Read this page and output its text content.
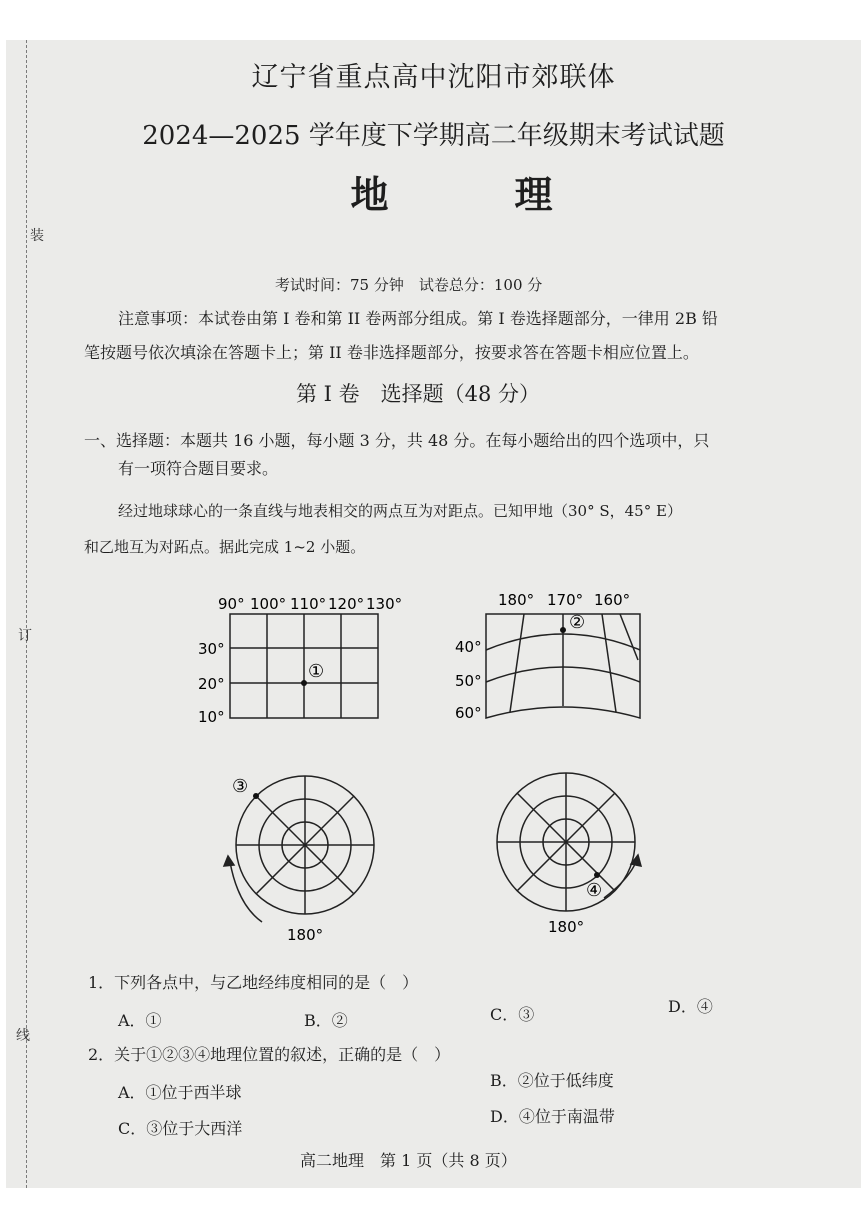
装
订
线
辽宁省重点高中沈阳市郊联体
2024—2025 学年度下学期高二年级期末考试试题
地　理
考试时间：75 分钟　试卷总分：100 分
注意事项：本试卷由第 I 卷和第 II 卷两部分组成。第 I 卷选择题部分，一律用 2B 铅
笔按题号依次填涂在答题卡上；第 II 卷非选择题部分，按要求答在答题卡相应位置上。
第 I 卷　选择题（48 分）
一、选择题：本题共 16 小题，每小题 3 分，共 48 分。在每小题给出的四个选项中，只
有一项符合题目要求。
经过地球球心的一条直线与地表相交的两点互为对距点。已知甲地（30° S，45° E）
和乙地互为对跖点。据此完成 1~2 小题。
90° 100° 110° 120° 130°
30°
20°
10°
①
180° 170° 160°
40°
50°
60°
②
③
180°
④
180°
1．下列各点中，与乙地经纬度相同的是（　）
A．①	B．②	C．③	D．④
2．关于①②③④地理位置的叙述，正确的是（　）
A．①位于西半球
B．②位于低纬度
C．③位于大西洋
D．④位于南温带
高二地理　第 1 页（共 8 页）
